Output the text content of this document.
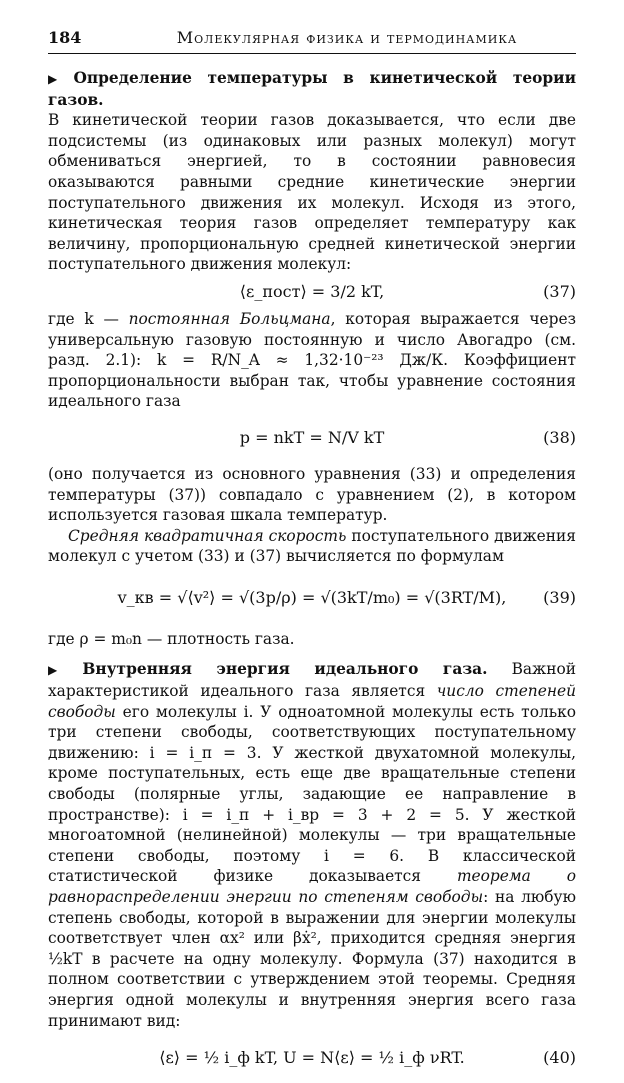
184	Молекулярная физика и термодинамика

▶ Определение температуры в кинетической теории газов.

В кинетической теории газов доказывается, что если две подсистемы (из одинаковых или разных молекул) могут обмениваться энергией, то в состоянии равновесия оказываются равными средние кинетические энергии поступательного движения их молекул. Исходя из этого, кинетическая теория газов определяет температуру как величину, пропорциональную средней кинетической энергии поступательного движения молекул:

⟨ε_пост⟩ = 3/2 kT,	(37)

где k — постоянная Больцмана, которая выражается через универсальную газовую постоянную и число Авогадро (см. разд. 2.1): k = R/N_A ≈ 1,32·10⁻²³ Дж/К. Коэффициент пропорциональности выбран так, чтобы уравнение состояния идеального газа

p = nkT = N/V kT	(38)

(оно получается из основного уравнения (33) и определения температуры (37)) совпадало с уравнением (2), в котором используется газовая шкала температур.

Средняя квадратичная скорость поступательного движения молекул с учетом (33) и (37) вычисляется по формулам

v_кв = √⟨v²⟩ = √(3p/ρ) = √(3kT/m₀) = √(3RT/M), (39)

где ρ = m₀n — плотность газа.

▶ Внутренняя энергия идеального газа. Важной характеристикой идеального газа является число степеней свободы его молекулы i. У одноатомной молекулы есть только три степени свободы, соответствующих поступательному движению: i = i_п = 3. У жесткой двухатомной молекулы, кроме поступательных, есть еще две вращательные степени свободы (полярные углы, задающие ее направление в пространстве): i = i_п + i_вр = 3 + 2 = 5. У жесткой многоатомной (нелинейной) молекулы — три вращательные степени свободы, поэтому i = 6. В классической статистической физике доказывается теорема о равнораспределении энергии по степеням свободы: на любую степень свободы, которой в выражении для энергии молекулы соответствует член αx² или βẋ², приходится средняя энергия ½kT в расчете на одну молекулу. Формула (37) находится в полном соответствии с утверждением этой теоремы. Средняя энергия одной молекулы и внутренняя энергия всего газа принимают вид:

⟨ε⟩ = ½ i_ф kT, U = N⟨ε⟩ = ½ i_ф νRT.	(40)
